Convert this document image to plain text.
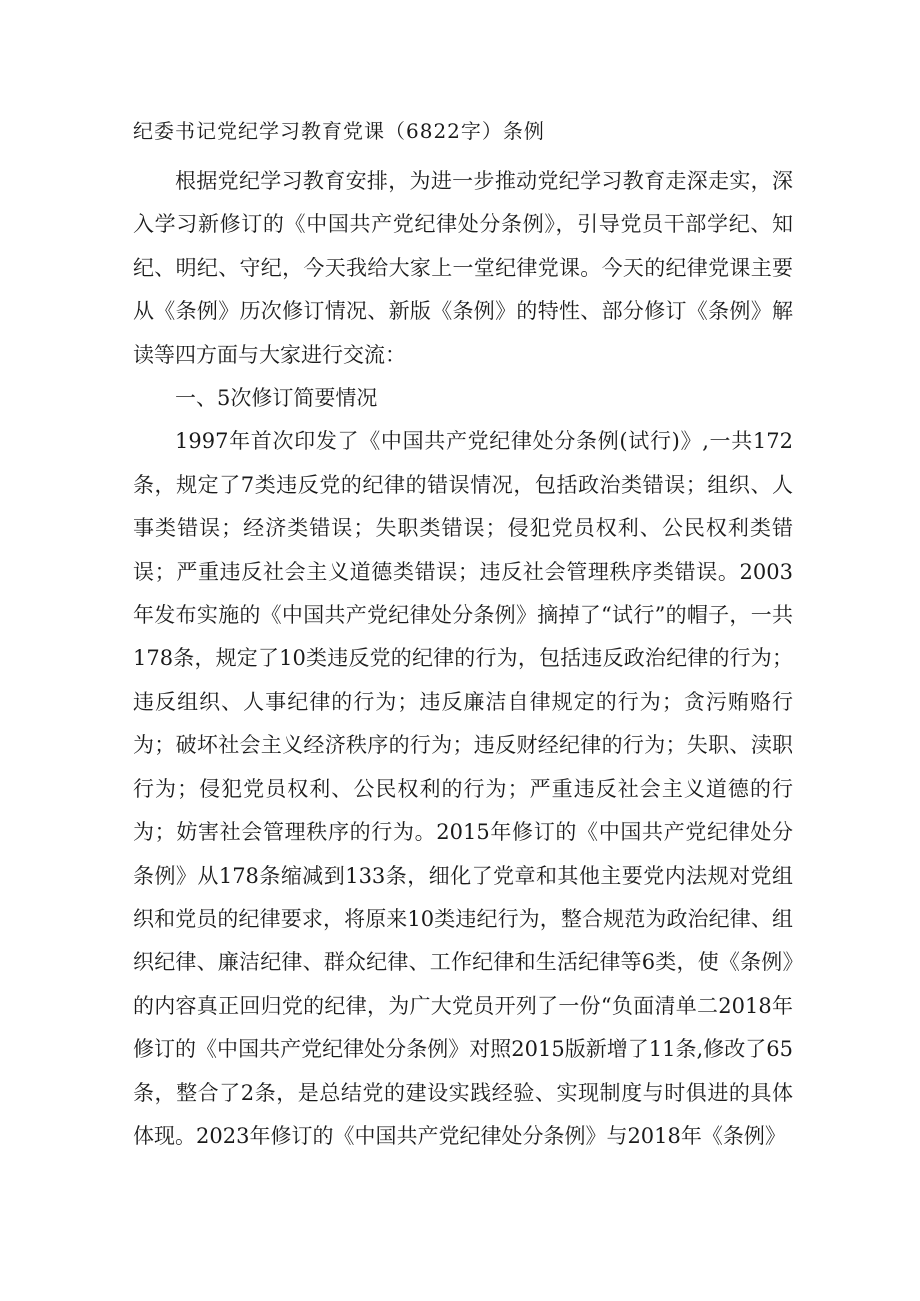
纪委书记党纪学习教育党课（6822字）条例

根据党纪学习教育安排，为进一步推动党纪学习教育走深走实，深入学习新修订的《中国共产党纪律处分条例》，引导党员干部学纪、知纪、明纪、守纪，今天我给大家上一堂纪律党课。今天的纪律党课主要从《条例》历次修订情况、新版《条例》的特性、部分修订《条例》解读等四方面与大家进行交流：

一、5次修订简要情况

1997年首次印发了《中国共产党纪律处分条例(试行)》,一共172条，规定了7类违反党的纪律的错误情况，包括政治类错误；组织、人事类错误；经济类错误；失职类错误；侵犯党员权利、公民权利类错误；严重违反社会主义道德类错误；违反社会管理秩序类错误。2003年发布实施的《中国共产党纪律处分条例》摘掉了“试行”的帽子，一共178条，规定了10类违反党的纪律的行为，包括违反政治纪律的行为；违反组织、人事纪律的行为；违反廉洁自律规定的行为；贪污贿赂行为；破坏社会主义经济秩序的行为；违反财经纪律的行为；失职、渎职行为；侵犯党员权利、公民权利的行为；严重违反社会主义道德的行为；妨害社会管理秩序的行为。2015年修订的《中国共产党纪律处分条例》从178条缩减到133条，细化了党章和其他主要党内法规对党组织和党员的纪律要求，将原来10类违纪行为，整合规范为政治纪律、组织纪律、廉洁纪律、群众纪律、工作纪律和生活纪律等6类，使《条例》的内容真正回归党的纪律，为广大党员开列了一份“负面清单二2018年修订的《中国共产党纪律处分条例》对照2015版新增了11条,修改了65条，整合了2条，是总结党的建设实践经验、实现制度与时俱进的具体体现。2023年修订的《中国共产党纪律处分条例》与2018年《条例》
